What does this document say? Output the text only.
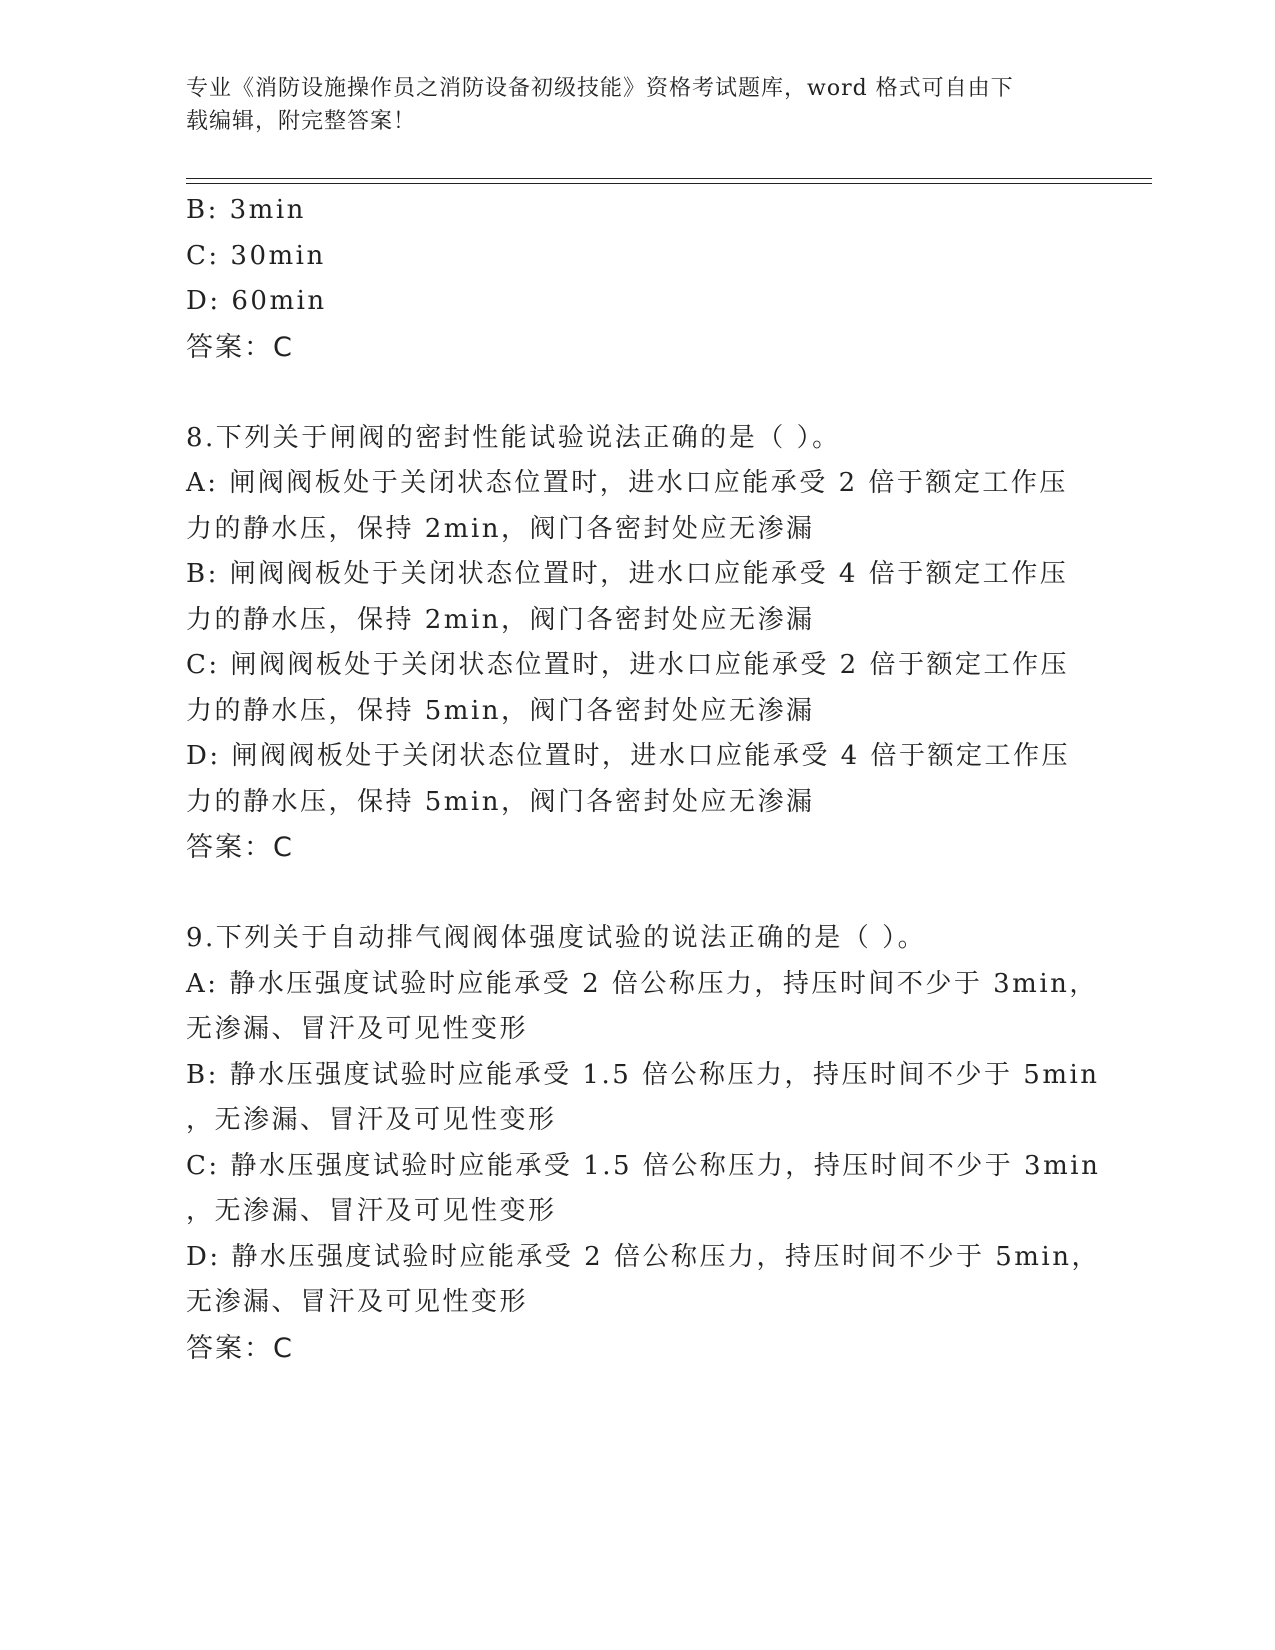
专业《消防设施操作员之消防设备初级技能》资格考试题库，word 格式可自由下
载编辑，附完整答案！
B: 3min
C: 30min
D: 60min
答案：C
8.下列关于闸阀的密封性能试验说法正确的是（ ）。
A: 闸阀阀板处于关闭状态位置时，进水口应能承受 2 倍于额定工作压
力的静水压，保持 2min，阀门各密封处应无渗漏
B: 闸阀阀板处于关闭状态位置时，进水口应能承受 4 倍于额定工作压
力的静水压，保持 2min，阀门各密封处应无渗漏
C: 闸阀阀板处于关闭状态位置时，进水口应能承受 2 倍于额定工作压
力的静水压，保持 5min，阀门各密封处应无渗漏
D: 闸阀阀板处于关闭状态位置时，进水口应能承受 4 倍于额定工作压
力的静水压，保持 5min，阀门各密封处应无渗漏
答案：C
9.下列关于自动排气阀阀体强度试验的说法正确的是（ ）。
A: 静水压强度试验时应能承受 2 倍公称压力，持压时间不少于 3min，
无渗漏、冒汗及可见性变形
B: 静水压强度试验时应能承受 1.5 倍公称压力，持压时间不少于 5min
，无渗漏、冒汗及可见性变形
C: 静水压强度试验时应能承受 1.5 倍公称压力，持压时间不少于 3min
，无渗漏、冒汗及可见性变形
D: 静水压强度试验时应能承受 2 倍公称压力，持压时间不少于 5min，
无渗漏、冒汗及可见性变形
答案：C
